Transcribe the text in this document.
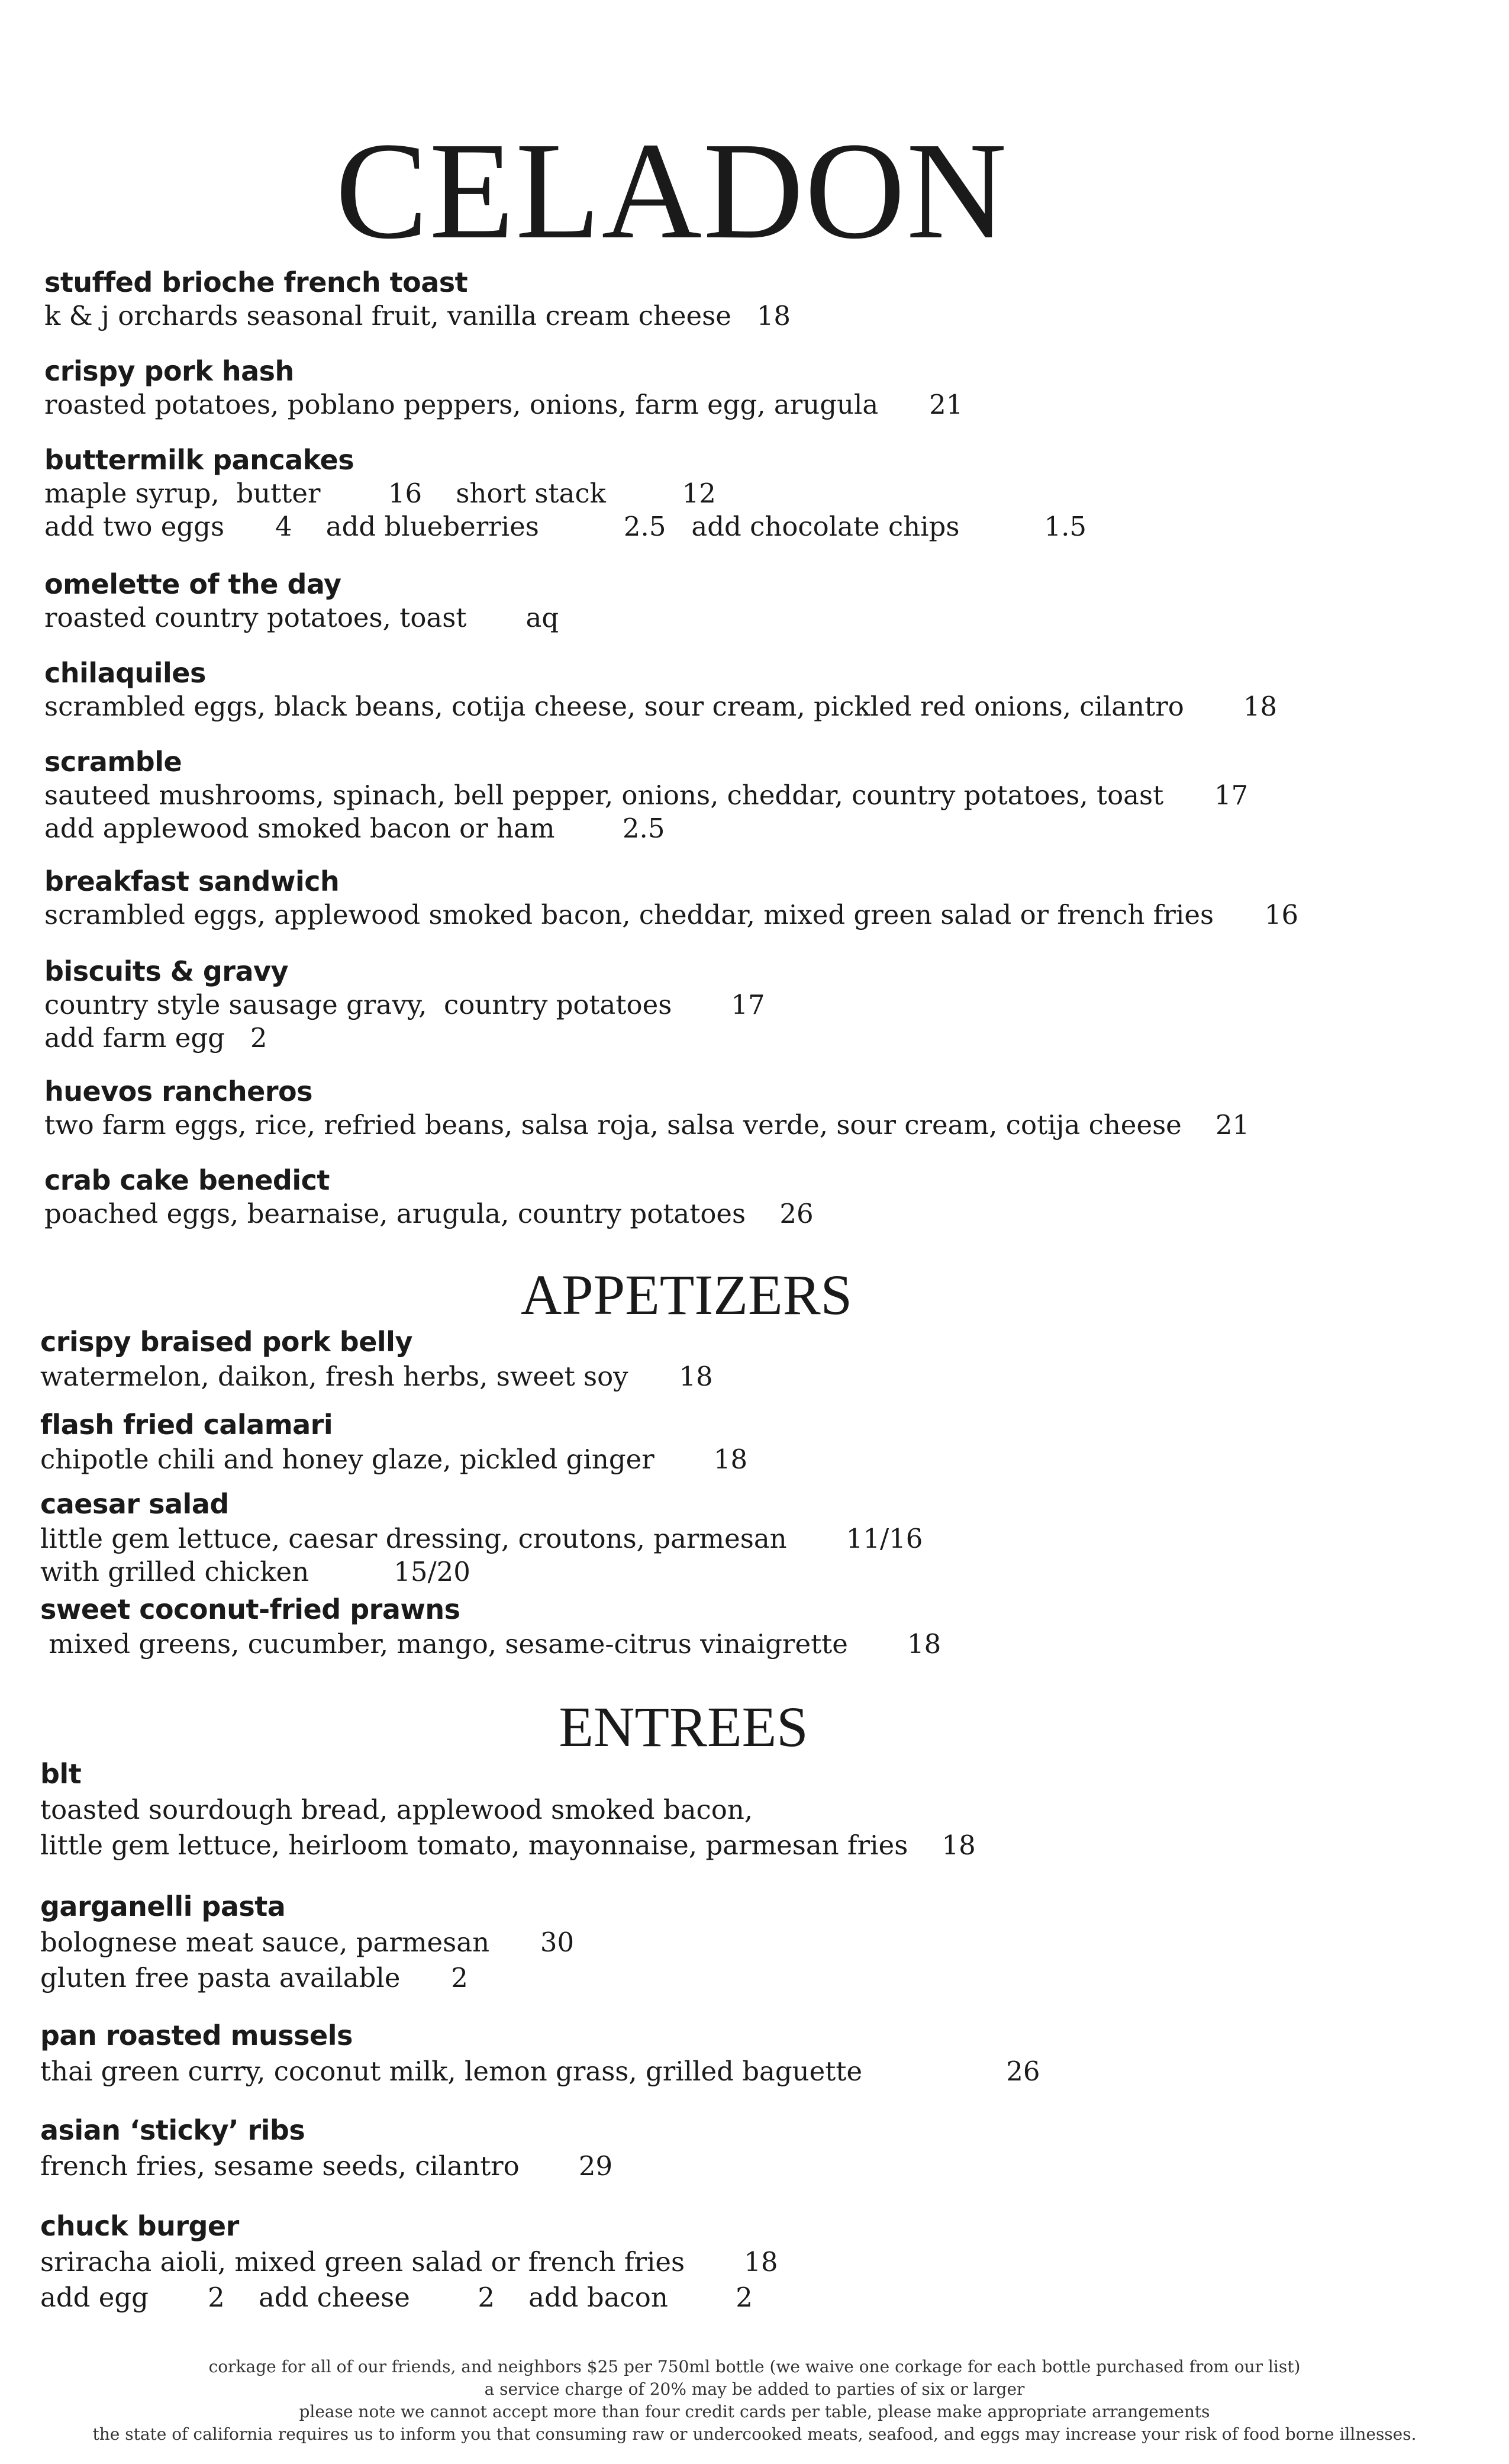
CELADON
stuffed brioche french toast
k & j orchards seasonal fruit, vanilla cream cheese   18
crispy pork hash
roasted potatoes, poblano peppers, onions, farm egg, arugula      21
buttermilk pancakes
maple syrup,  butter        16    short stack         12
add two eggs      4    add blueberries          2.5   add chocolate chips          1.5
omelette of the day
roasted country potatoes, toast       aq
chilaquiles
scrambled eggs, black beans, cotija cheese, sour cream, pickled red onions, cilantro       18
scramble
sauteed mushrooms, spinach, bell pepper, onions, cheddar, country potatoes, toast      17
add applewood smoked bacon or ham        2.5
breakfast sandwich
scrambled eggs, applewood smoked bacon, cheddar, mixed green salad or french fries      16
biscuits & gravy
country style sausage gravy,  country potatoes       17
add farm egg   2
huevos rancheros
two farm eggs, rice, refried beans, salsa roja, salsa verde, sour cream, cotija cheese    21
crab cake benedict
poached eggs, bearnaise, arugula, country potatoes    26
APPETIZERS
crispy braised pork belly
watermelon, daikon, fresh herbs, sweet soy      18
flash fried calamari
chipotle chili and honey glaze, pickled ginger       18
caesar salad
little gem lettuce, caesar dressing, croutons, parmesan       11/16
with grilled chicken          15/20
sweet coconut-fried prawns
mixed greens, cucumber, mango, sesame-citrus vinaigrette       18
ENTREES
blt
toasted sourdough bread, applewood smoked bacon,
little gem lettuce, heirloom tomato, mayonnaise, parmesan fries    18
garganelli pasta
bolognese meat sauce, parmesan      30
gluten free pasta available      2
pan roasted mussels
thai green curry, coconut milk, lemon grass, grilled baguette                 26
asian ‘sticky’ ribs
french fries, sesame seeds, cilantro       29
chuck burger
sriracha aioli, mixed green salad or french fries       18
add egg       2    add cheese        2    add bacon        2
corkage for all of our friends, and neighbors $25 per 750ml bottle (we waive one corkage for each bottle purchased from our list)
a service charge of 20% may be added to parties of six or larger
please note we cannot accept more than four credit cards per table, please make appropriate arrangements
the state of california requires us to inform you that consuming raw or undercooked meats, seafood, and eggs may increase your risk of food borne illnesses.
